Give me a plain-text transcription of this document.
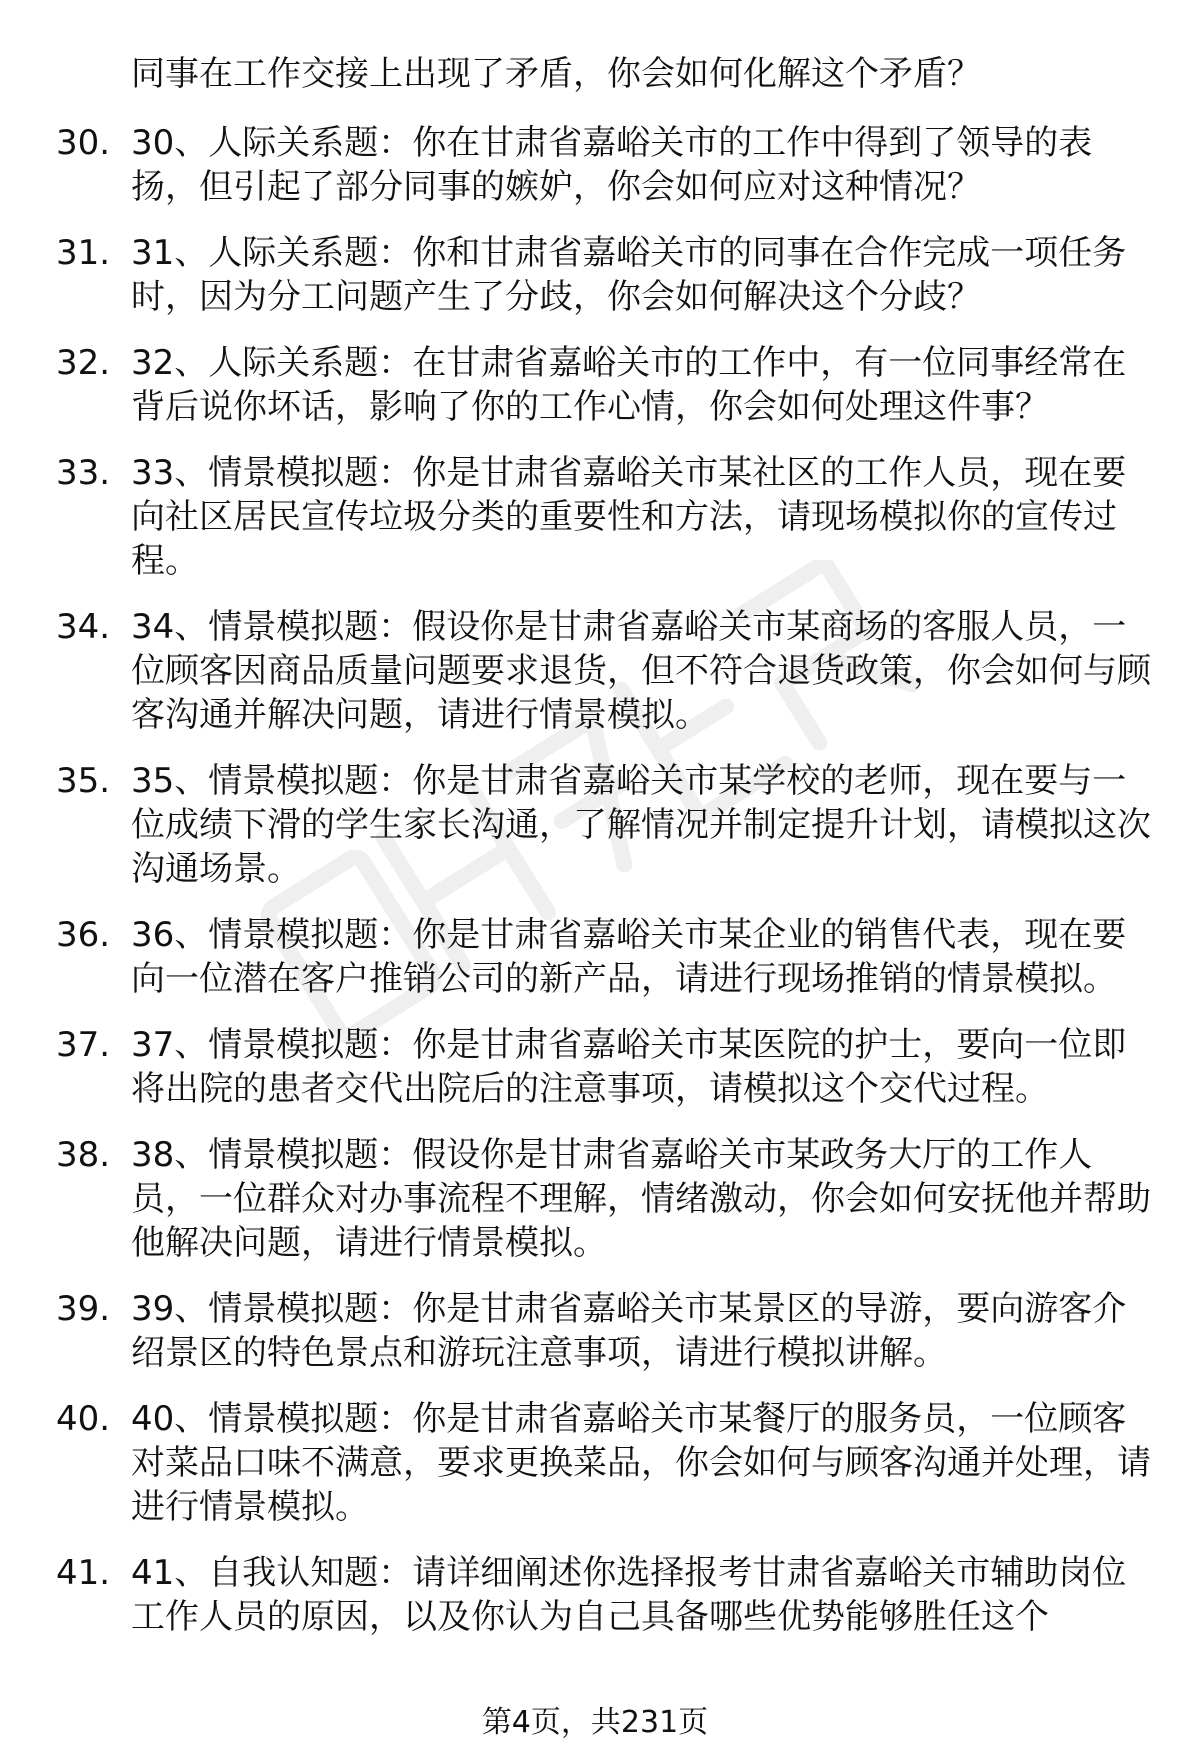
同事在工作交接上出现了矛盾，你会如何化解这个矛盾？
30. 30、人际关系题：你在甘肃省嘉峪关市的工作中得到了领导的表扬，但引起了部分同事的嫉妒，你会如何应对这种情况？
31. 31、人际关系题：你和甘肃省嘉峪关市的同事在合作完成一项任务时，因为分工问题产生了分歧，你会如何解决这个分歧？
32. 32、人际关系题：在甘肃省嘉峪关市的工作中，有一位同事经常在背后说你坏话，影响了你的工作心情，你会如何处理这件事？
33. 33、情景模拟题：你是甘肃省嘉峪关市某社区的工作人员，现在要向社区居民宣传垃圾分类的重要性和方法，请现场模拟你的宣传过程。
34. 34、情景模拟题：假设你是甘肃省嘉峪关市某商场的客服人员，一位顾客因商品质量问题要求退货，但不符合退货政策，你会如何与顾客沟通并解决问题，请进行情景模拟。
35. 35、情景模拟题：你是甘肃省嘉峪关市某学校的老师，现在要与一位成绩下滑的学生家长沟通，了解情况并制定提升计划，请模拟这次沟通场景。
36. 36、情景模拟题：你是甘肃省嘉峪关市某企业的销售代表，现在要向一位潜在客户推销公司的新产品，请进行现场推销的情景模拟。
37. 37、情景模拟题：你是甘肃省嘉峪关市某医院的护士，要向一位即将出院的患者交代出院后的注意事项，请模拟这个交代过程。
38. 38、情景模拟题：假设你是甘肃省嘉峪关市某政务大厅的工作人员，一位群众对办事流程不理解，情绪激动，你会如何安抚他并帮助他解决问题，请进行情景模拟。
39. 39、情景模拟题：你是甘肃省嘉峪关市某景区的导游，要向游客介绍景区的特色景点和游玩注意事项，请进行模拟讲解。
40. 40、情景模拟题：你是甘肃省嘉峪关市某餐厅的服务员，一位顾客对菜品口味不满意，要求更换菜品，你会如何与顾客沟通并处理，请进行情景模拟。
41. 41、自我认知题：请详细阐述你选择报考甘肃省嘉峪关市辅助岗位工作人员的原因，以及你认为自己具备哪些优势能够胜任这个
第4页，共231页
